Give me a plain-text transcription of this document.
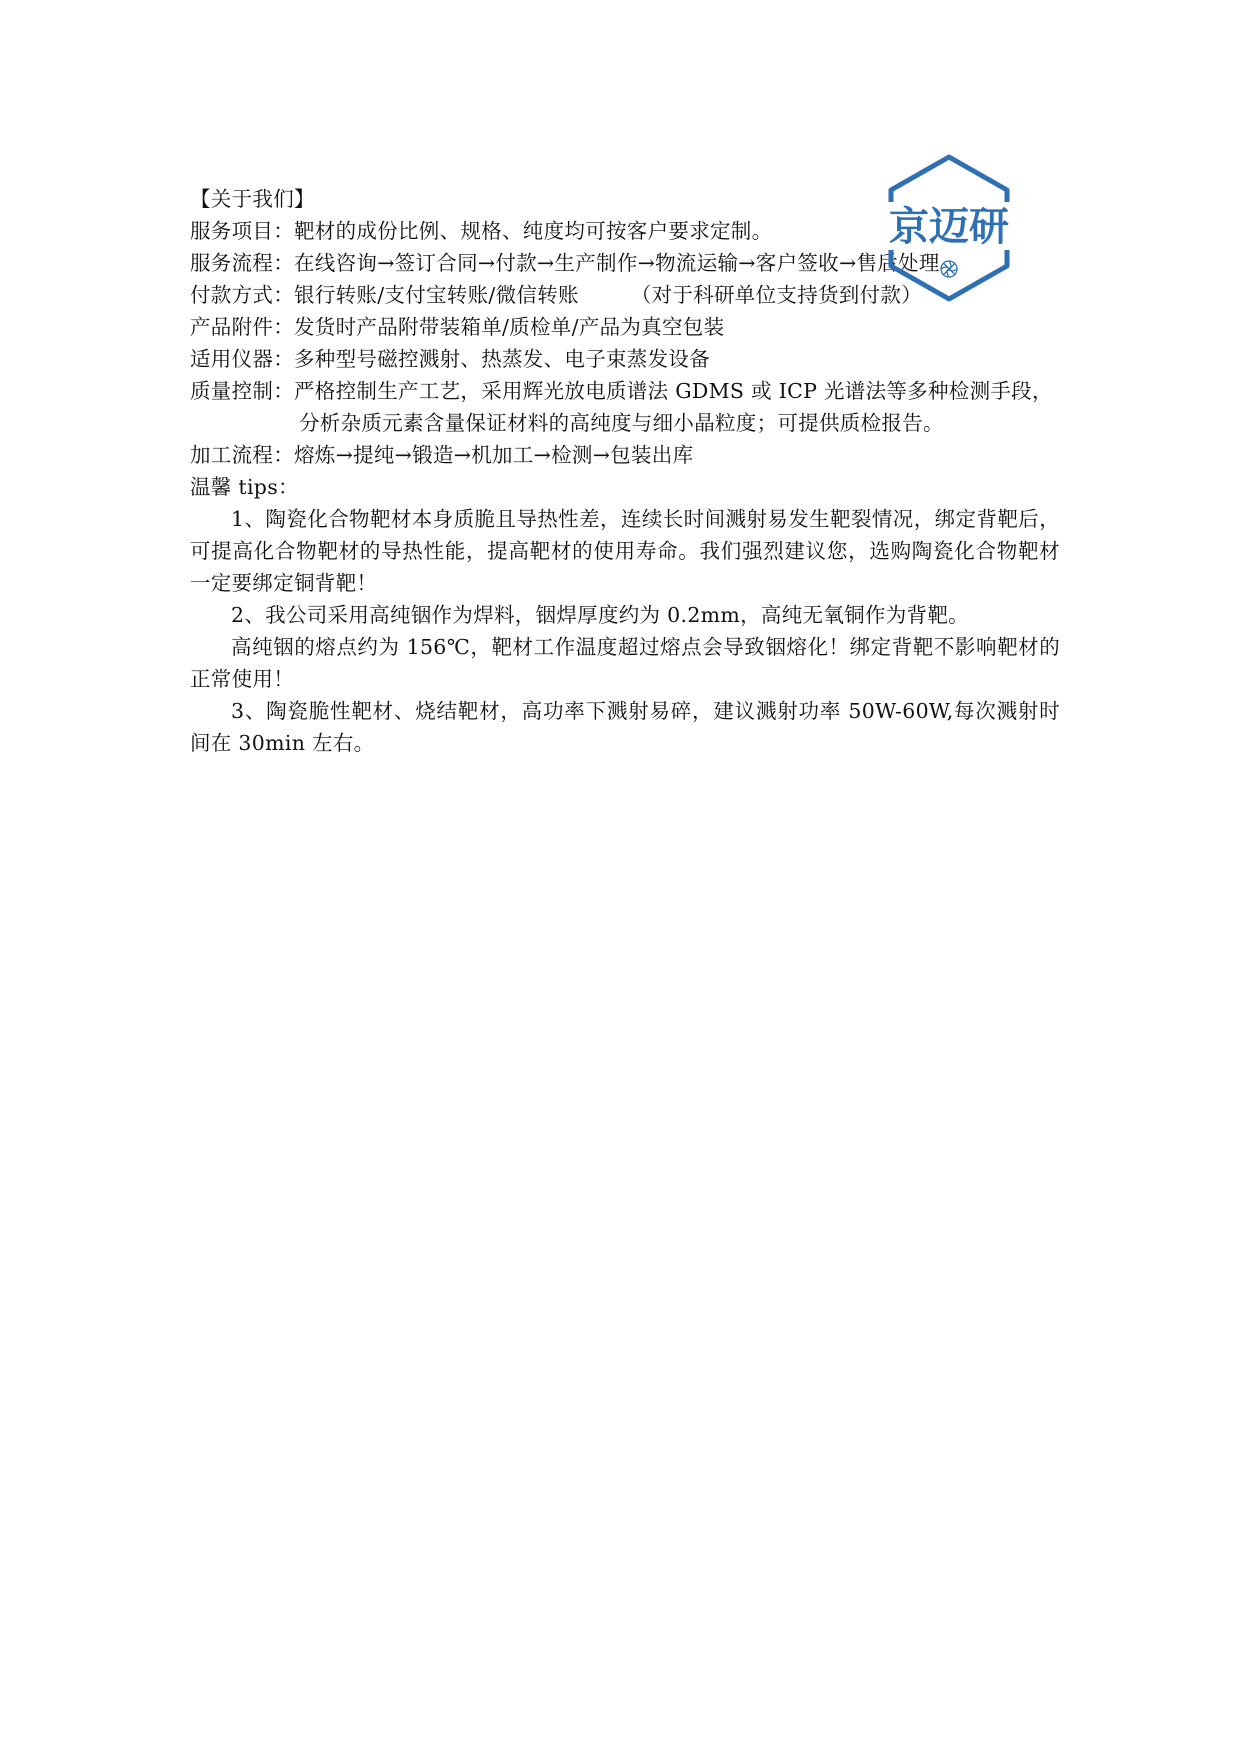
【关于我们】
服务项目： 靶材的成份比例、规格、纯度均可按客户要求定制。
服务流程： 在线咨询→签订合同→付款→生产制作→物流运输→客户签收→售后处理
付款方式： 银行转账/支付宝转账/微信转账	（对于科研单位支持货到付款）
产品附件： 发货时产品附带装箱单/质检单/产品为真空包装
适用仪器： 多种型号磁控溅射、热蒸发、电子束蒸发设备
质量控制： 严格控制生产工艺，采用辉光放电质谱法 GDMS 或 ICP 光谱法等多种检测手段，
分析杂质元素含量保证材料的高纯度与细小晶粒度；可提供质检报告。
加工流程： 熔炼→提纯→锻造→机加工→检测→包装出库
温馨 tips：
1、陶瓷化合物靶材本身质脆且导热性差，连续长时间溅射易发生靶裂情况，绑定背靶后，可提高化合物靶材的导热性能，提高靶材的使用寿命。我们强烈建议您，选购陶瓷化合物靶材一定要绑定铜背靶！
2、我公司采用高纯铟作为焊料，铟焊厚度约为 0.2mm，高纯无氧铜作为背靶。
高纯铟的熔点约为 156℃，靶材工作温度超过熔点会导致铟熔化！绑定背靶不影响靶材的正常使用！
3、陶瓷脆性靶材、烧结靶材，高功率下溅射易碎，建议溅射功率 50W-60W,每次溅射时间在 30min 左右。
京迈研
